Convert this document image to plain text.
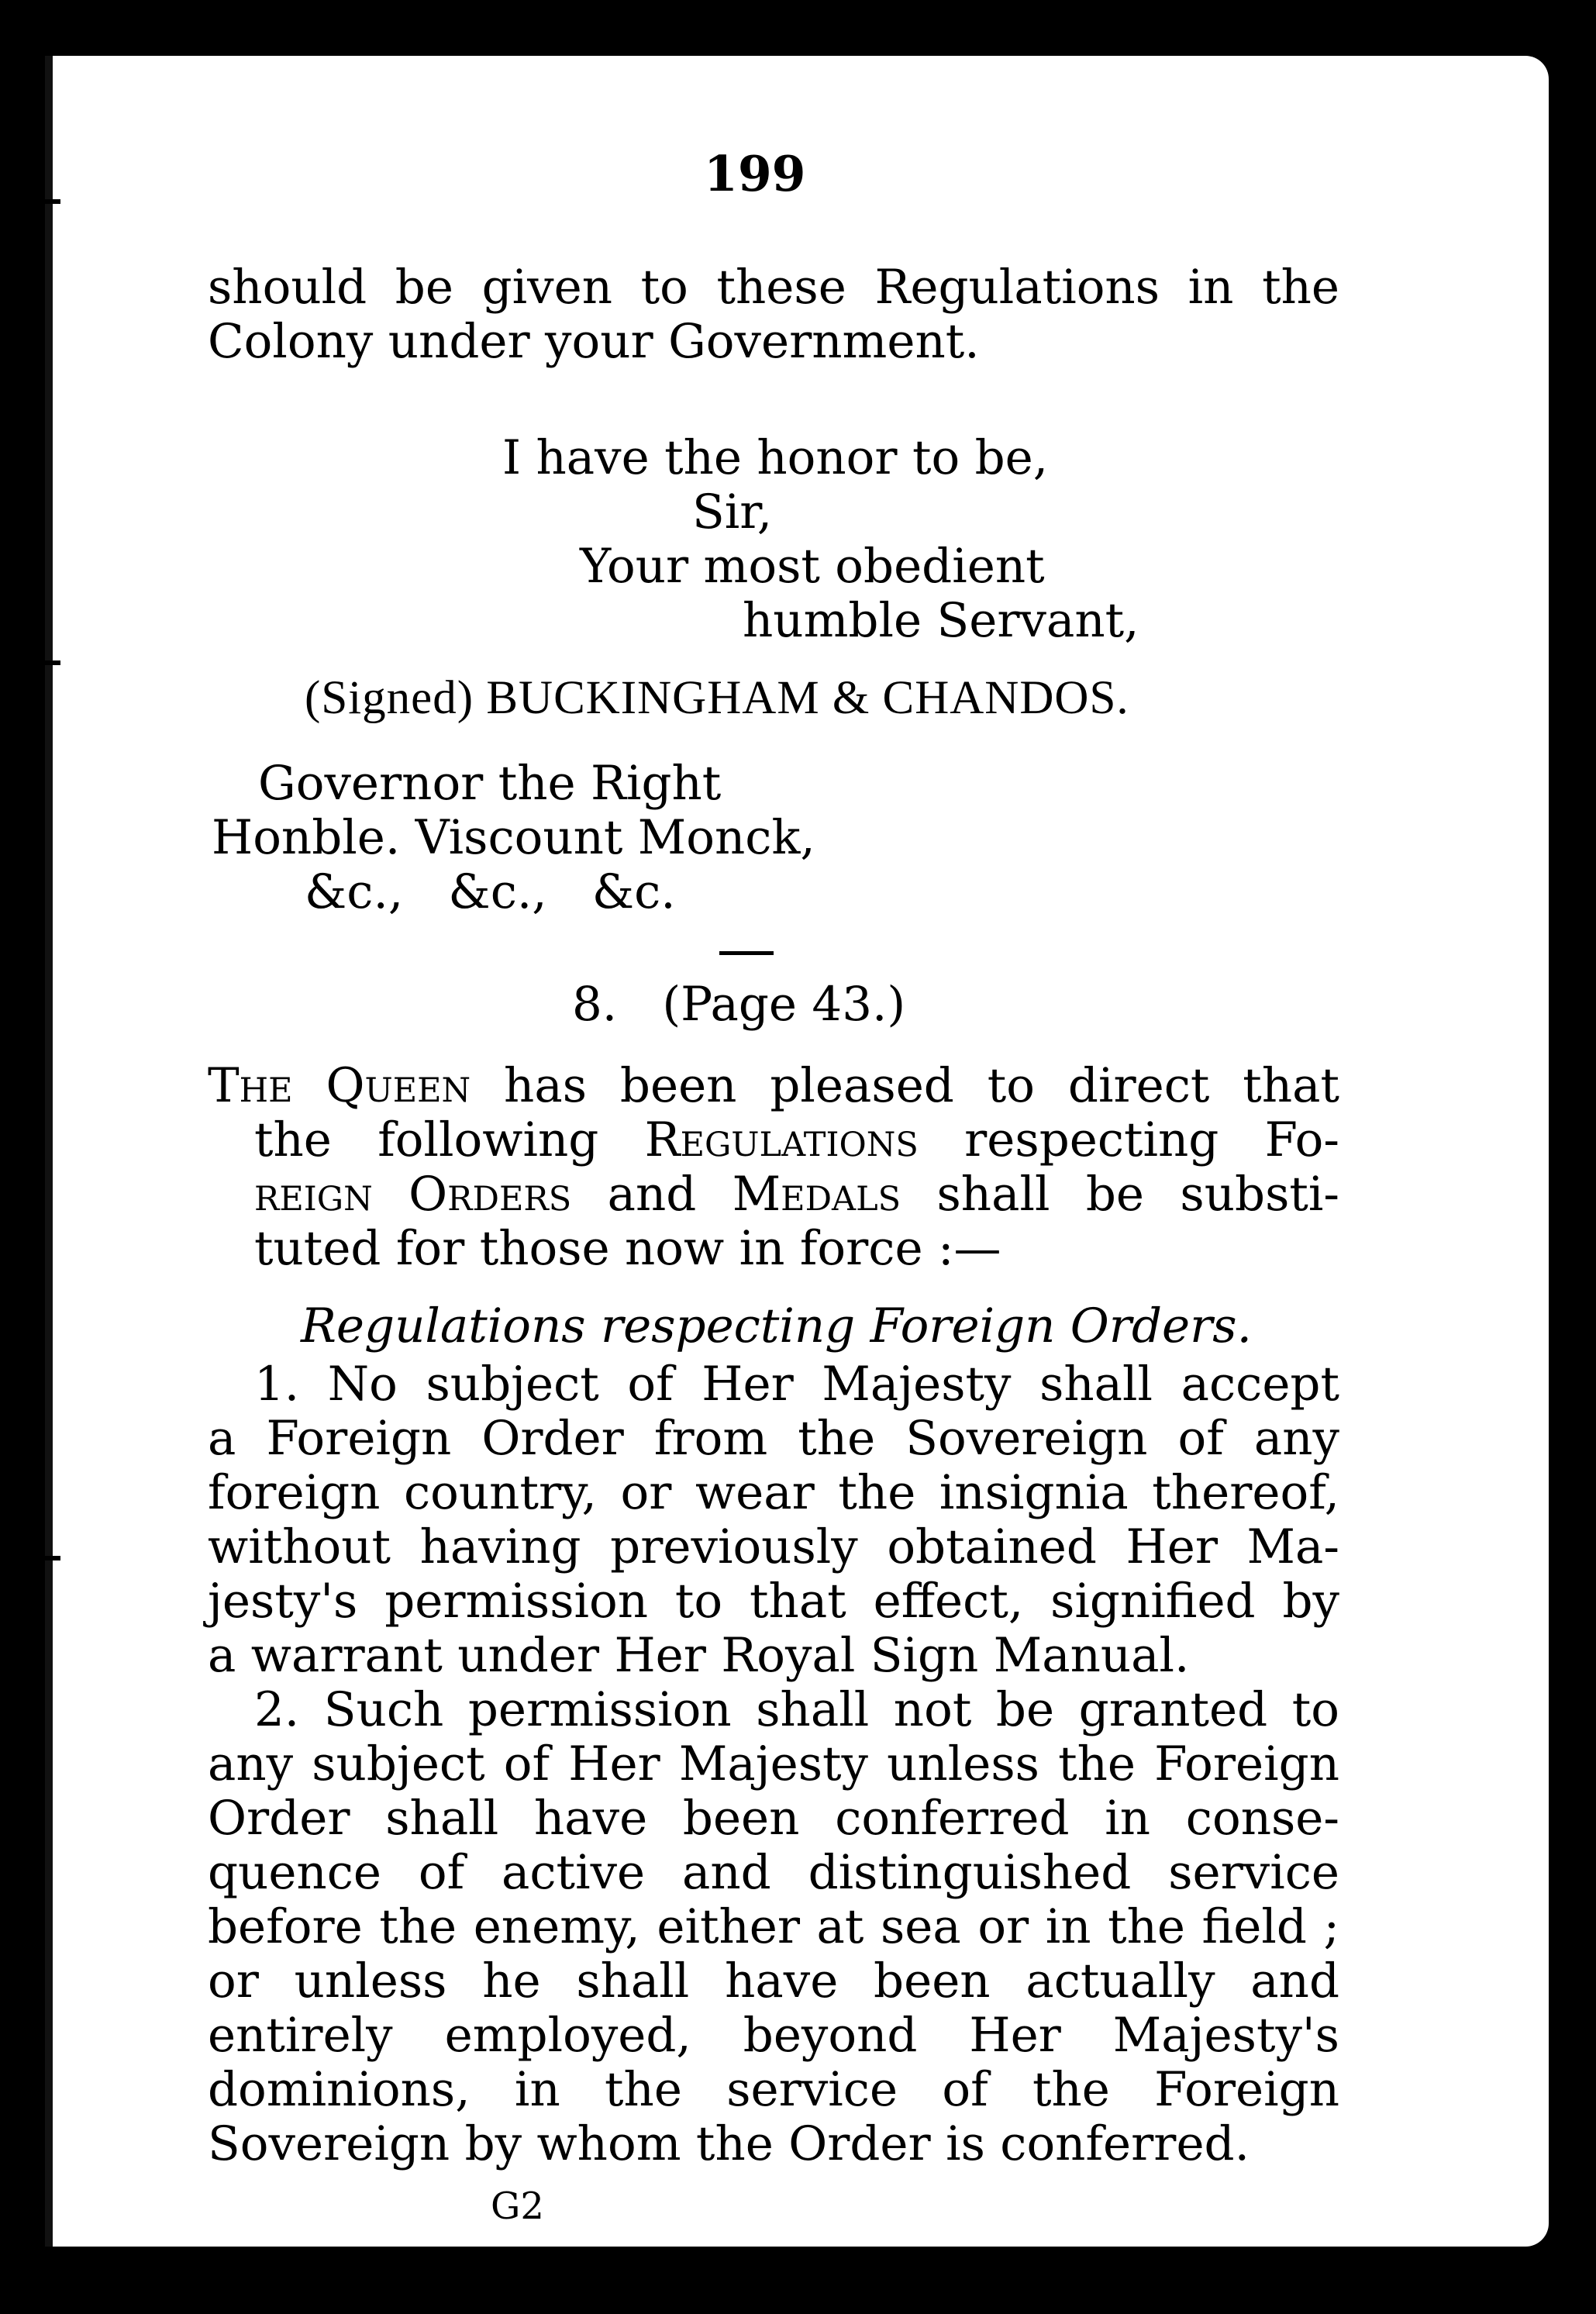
199
should be given to these Regulations in the
Colony under your Government.
I have the honor to be,
Sir,
Your most obedient
humble Servant,
(Signed) BUCKINGHAM & CHANDOS.
Governor the Right
Honble. Viscount Monck,
&c.,   &c.,   &c.
8.   (Page 43.)
The Queen has been pleased to direct that
the following Regulations respecting Fo-
reign Orders and Medals shall be substi-
tuted for those now in force :—
Regulations respecting Foreign Orders.
1. No subject of Her Majesty shall accept
a Foreign Order from the Sovereign of any
foreign country, or wear the insignia thereof,
without having previously obtained Her Ma-
jesty's permission to that effect, signified by
a warrant under Her Royal Sign Manual.
2. Such permission shall not be granted to
any subject of Her Majesty unless the Foreign
Order shall have been conferred in conse-
quence of active and distinguished service
before the enemy, either at sea or in the field ;
or unless he shall have been actually and
entirely employed, beyond Her Majesty's
dominions, in the service of the Foreign
Sovereign by whom the Order is conferred.
G2
